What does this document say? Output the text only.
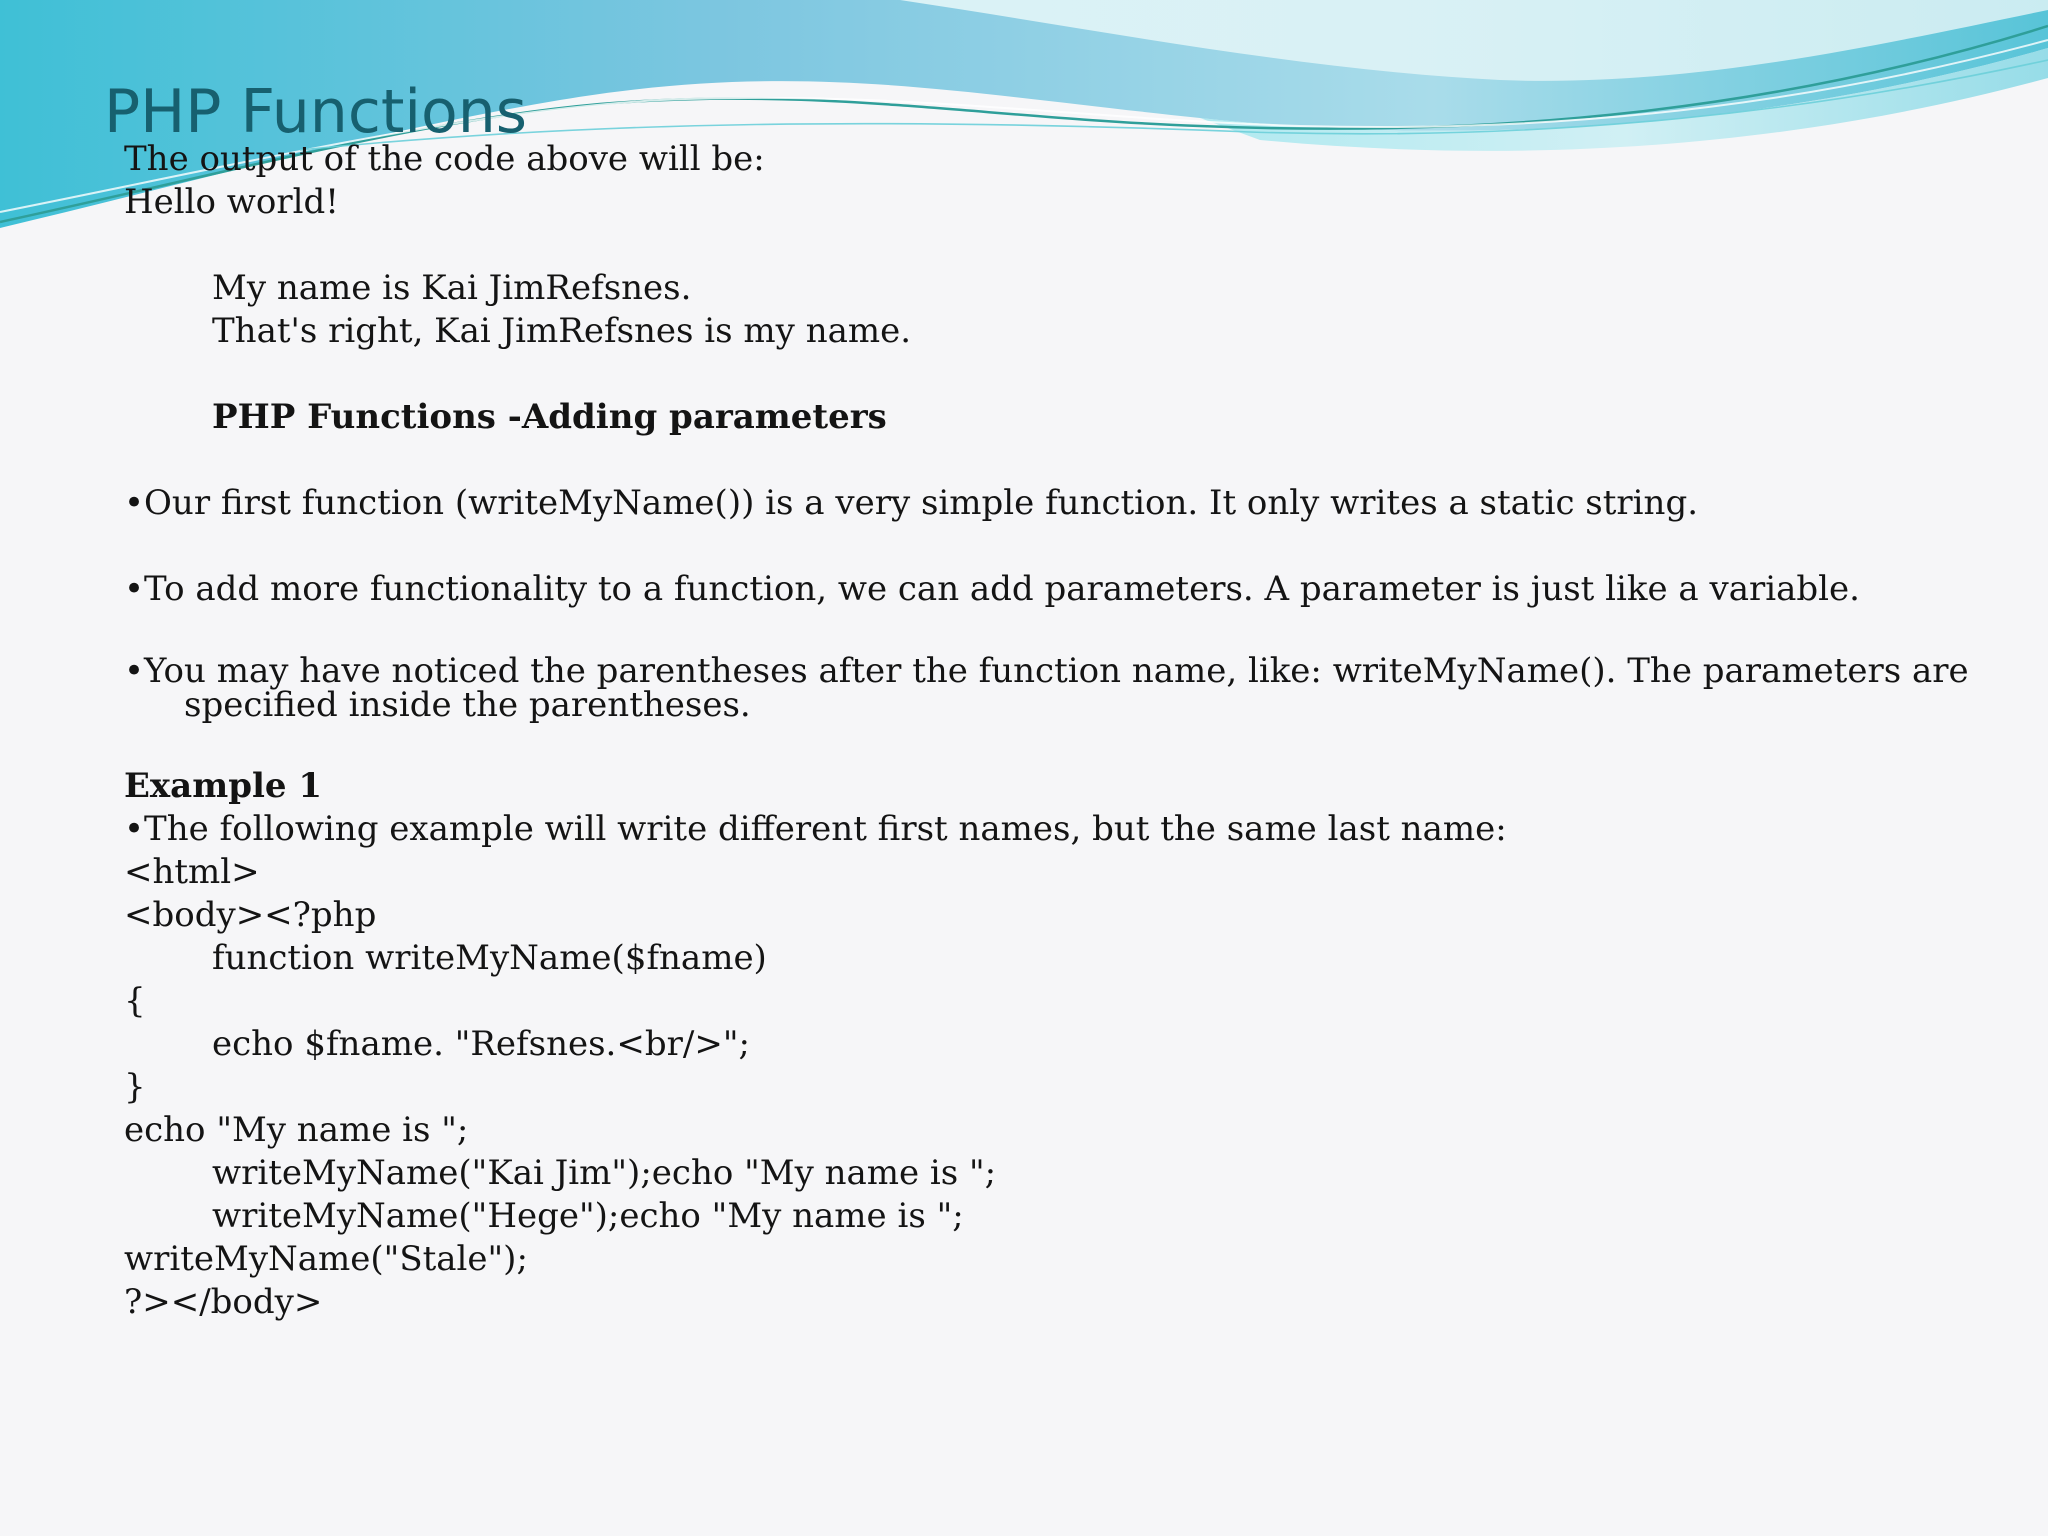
PHP Functions
The output of the code above will be:
Hello world!
My name is Kai JimRefsnes.
That's right, Kai JimRefsnes is my name.
PHP Functions -Adding parameters
•Our first function (writeMyName()) is a very simple function. It only writes a static string.
•To add more functionality to a function, we can add parameters. A parameter is just like a variable.
•You may have noticed the parentheses after the function name, like: writeMyName(). The parameters are specified inside the parentheses.
Example 1
•The following example will write different first names, but the same last name:
<html>
<body><?php
function writeMyName($fname)
{
echo $fname. "Refsnes.<br/>";
}
echo "My name is ";
writeMyName("Kai Jim");echo "My name is ";
writeMyName("Hege");echo "My name is ";
writeMyName("Stale");
?></body>
